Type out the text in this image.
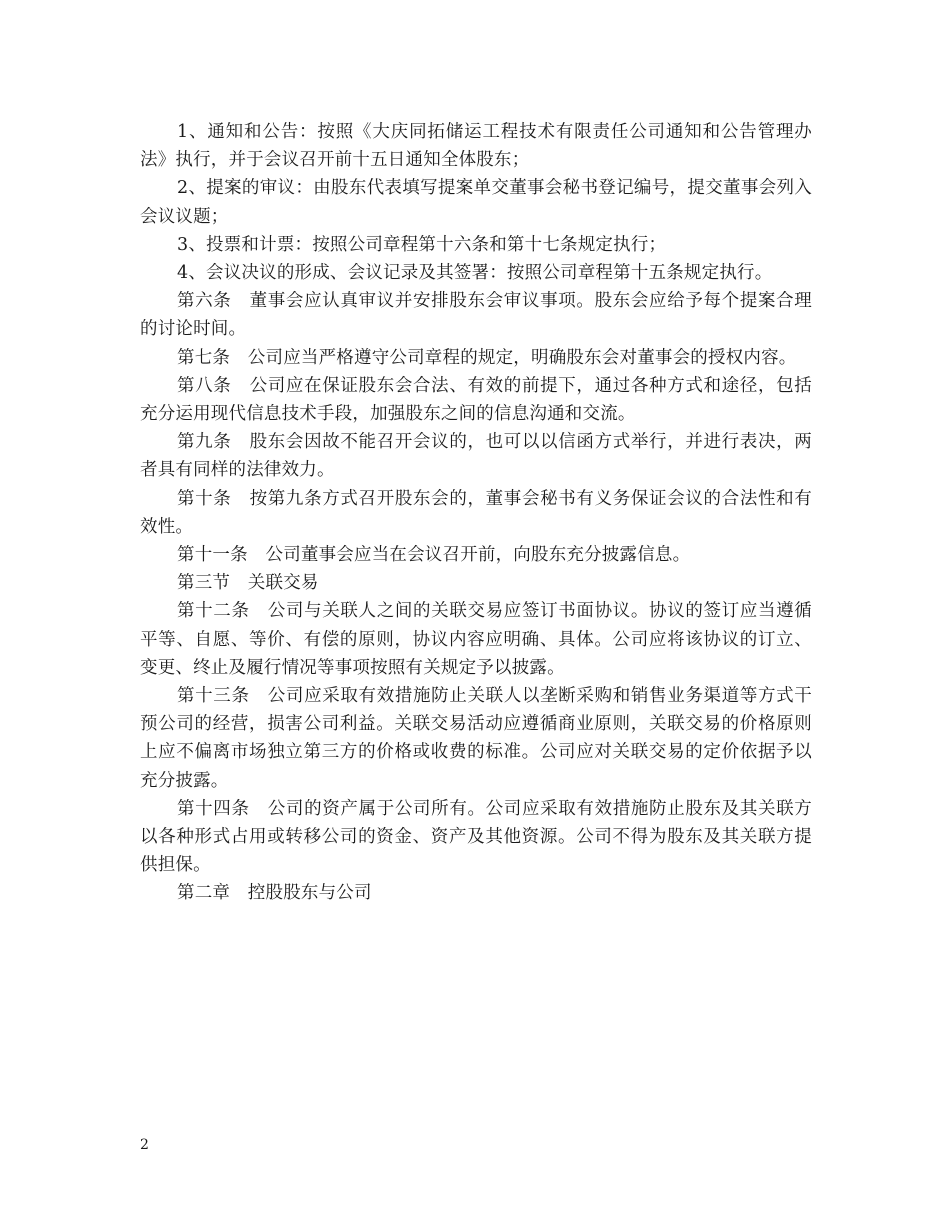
1、通知和公告：按照《大庆同拓储运工程技术有限责任公司通知和公告管理办法》执行，并于会议召开前十五日通知全体股东；

2、提案的审议：由股东代表填写提案单交董事会秘书登记编号，提交董事会列入会议议题；

3、投票和计票：按照公司章程第十六条和第十七条规定执行；

4、会议决议的形成、会议记录及其签署：按照公司章程第十五条规定执行。

第六条　董事会应认真审议并安排股东会审议事项。股东会应给予每个提案合理的讨论时间。

第七条　公司应当严格遵守公司章程的规定，明确股东会对董事会的授权内容。

第八条　公司应在保证股东会合法、有效的前提下，通过各种方式和途径，包括充分运用现代信息技术手段，加强股东之间的信息沟通和交流。

第九条　股东会因故不能召开会议的，也可以以信函方式举行，并进行表决，两者具有同样的法律效力。

第十条　按第九条方式召开股东会的，董事会秘书有义务保证会议的合法性和有效性。

第十一条　公司董事会应当在会议召开前，向股东充分披露信息。

第三节　关联交易

第十二条　公司与关联人之间的关联交易应签订书面协议。协议的签订应当遵循平等、自愿、等价、有偿的原则，协议内容应明确、具体。公司应将该协议的订立、变更、终止及履行情况等事项按照有关规定予以披露。

第十三条　公司应采取有效措施防止关联人以垄断采购和销售业务渠道等方式干预公司的经营，损害公司利益。关联交易活动应遵循商业原则，关联交易的价格原则上应不偏离市场独立第三方的价格或收费的标准。公司应对关联交易的定价依据予以充分披露。

第十四条　公司的资产属于公司所有。公司应采取有效措施防止股东及其关联方以各种形式占用或转移公司的资金、资产及其他资源。公司不得为股东及其关联方提供担保。

第二章　控股股东与公司

2
